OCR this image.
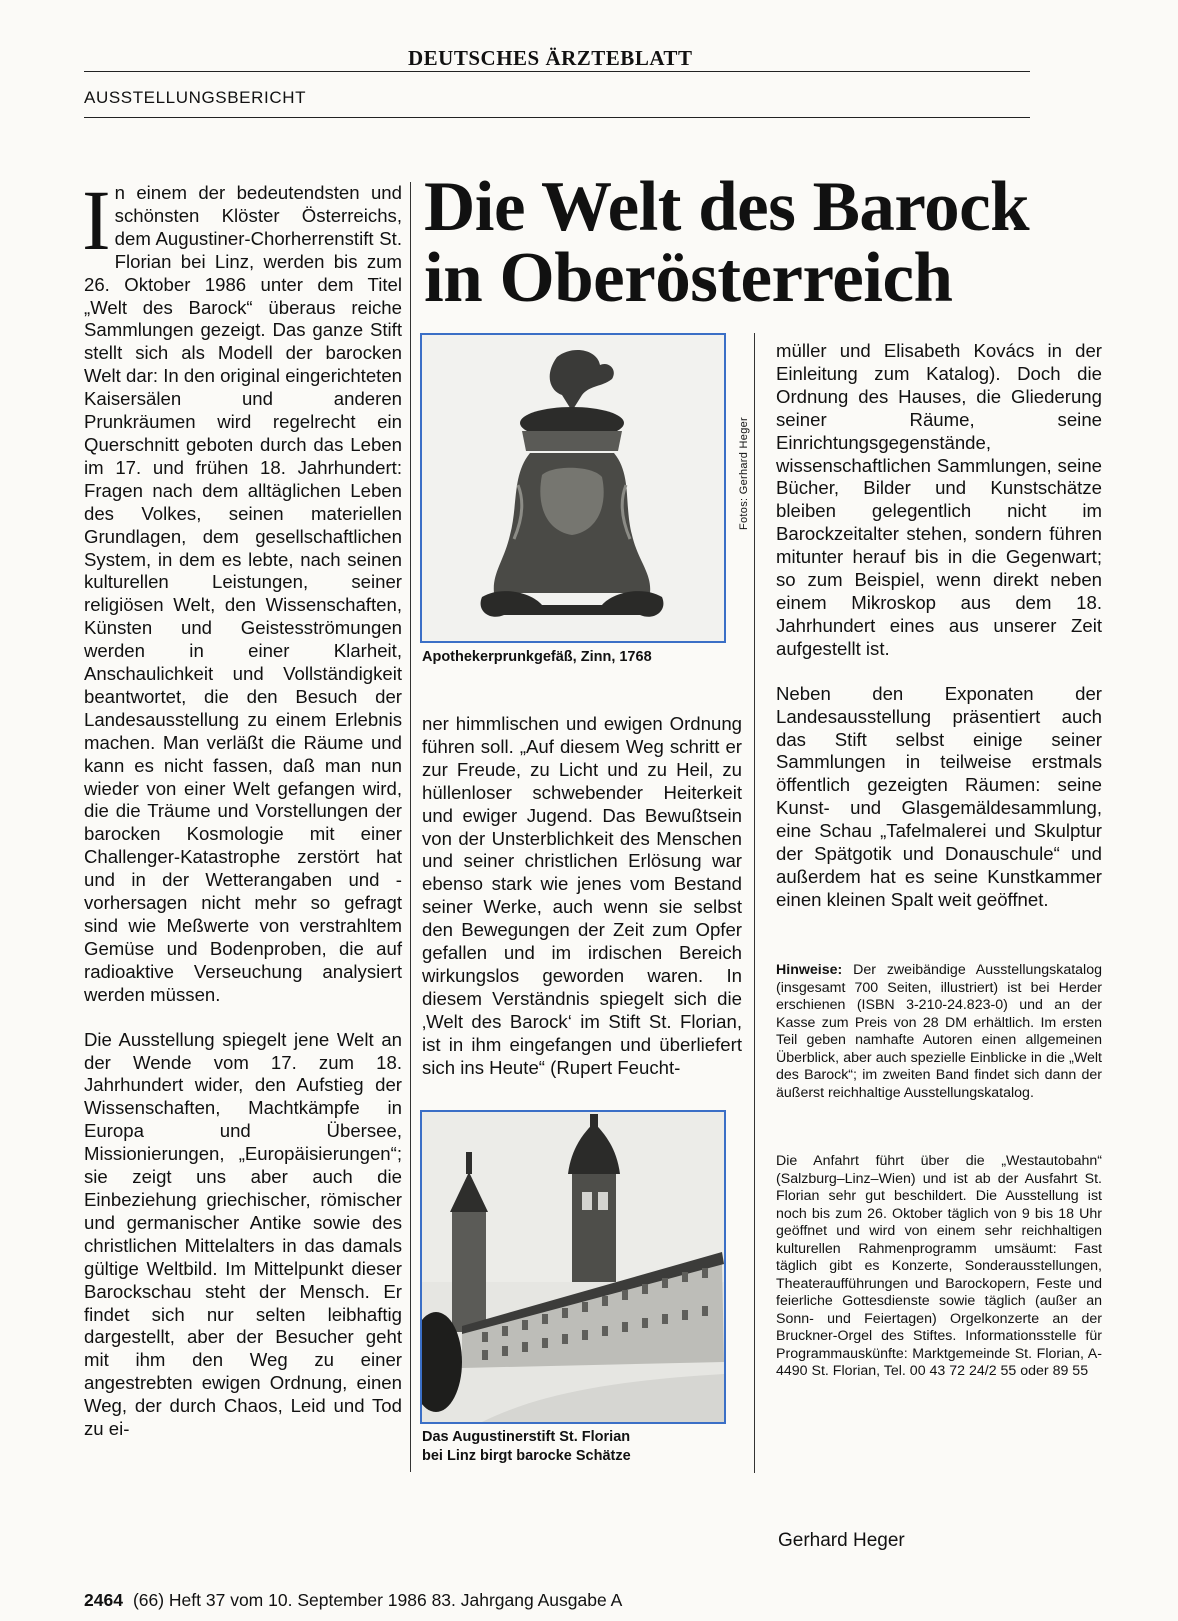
DEUTSCHES ÄRZTEBLATT
AUSSTELLUNGSBERICHT

In einem der bedeutendsten und schönsten Klöster Österreichs, dem Augustiner-Chorherrenstift St. Florian bei Linz, werden bis zum 26. Oktober 1986 unter dem Titel „Welt des Barock“ überaus reiche Sammlungen gezeigt. Das ganze Stift stellt sich als Modell der barocken Welt dar: In den original eingerichteten Kaisersälen und anderen Prunkräumen wird regelrecht ein Querschnitt geboten durch das Leben im 17. und frühen 18. Jahrhundert: Fragen nach dem alltäglichen Leben des Volkes, seinen materiellen Grundlagen, dem gesellschaftlichen System, in dem es lebte, nach seinen kulturellen Leistungen, seiner religiösen Welt, den Wissenschaften, Künsten und Geistesströmungen werden in einer Klarheit, Anschaulichkeit und Vollständigkeit beantwortet, die den Besuch der Landesausstellung zu einem Erlebnis machen. Man verläßt die Räume und kann es nicht fassen, daß man nun wieder von einer Welt gefangen wird, die die Träume und Vorstellungen der barocken Kosmologie mit einer Challenger-Katastrophe zerstört hat und in der Wetterangaben und -vorhersagen nicht mehr so gefragt sind wie Meßwerte von verstrahltem Gemüse und Bodenproben, die auf radioaktive Verseuchung analysiert werden müssen.

Die Ausstellung spiegelt jene Welt an der Wende vom 17. zum 18. Jahrhundert wider, den Aufstieg der Wissenschaften, Machtkämpfe in Europa und Übersee, Missionierungen, „Europäisierungen“; sie zeigt uns aber auch die Einbeziehung griechischer, römischer und germanischer Antike sowie des christlichen Mittelalters in das damals gültige Weltbild. Im Mittelpunkt dieser Barockschau steht der Mensch. Er findet sich nur selten leibhaftig dargestellt, aber der Besucher geht mit ihm den Weg zu einer angestrebten ewigen Ordnung, einen Weg, der durch Chaos, Leid und Tod zu ei-

Die Welt des Barock
in Oberösterreich
Apothekerprunkgefäß, Zinn, 1768
Fotos: Gerhard Heger

ner himmlischen und ewigen Ordnung führen soll. „Auf diesem Weg schritt er zur Freude, zu Licht und zu Heil, zu hüllenloser schwebender Heiterkeit und ewiger Jugend. Das Bewußtsein von der Unsterblichkeit des Menschen und seiner christlichen Erlösung war ebenso stark wie jenes vom Bestand seiner Werke, auch wenn sie selbst den Bewegungen der Zeit zum Opfer gefallen und im irdischen Bereich wirkungslos geworden waren. In diesem Verständnis spiegelt sich die ‚Welt des Barock‘ im Stift St. Florian, ist in ihm eingefangen und überliefert sich ins Heute“ (Rupert Feucht-

Das Augustinerstift St. Florian
bei Linz birgt barocke Schätze

müller und Elisabeth Kovács in der Einleitung zum Katalog). Doch die Ordnung des Hauses, die Gliederung seiner Räume, seine Einrichtungsgegenstände, wissenschaftlichen Sammlungen, seine Bücher, Bilder und Kunstschätze bleiben gelegentlich nicht im Barockzeitalter stehen, sondern führen mitunter herauf bis in die Gegenwart; so zum Beispiel, wenn direkt neben einem Mikroskop aus dem 18. Jahrhundert eines aus unserer Zeit aufgestellt ist.

Neben den Exponaten der Landesausstellung präsentiert auch das Stift selbst einige seiner Sammlungen in teilweise erstmals öffentlich gezeigten Räumen: seine Kunst- und Glasgemäldesammlung, eine Schau „Tafelmalerei und Skulptur der Spätgotik und Donauschule“ und außerdem hat es seine Kunstkammer einen kleinen Spalt weit geöffnet.

Hinweise: Der zweibändige Ausstellungskatalog (insgesamt 700 Seiten, illustriert) ist bei Herder erschienen (ISBN 3-210-24.823-0) und an der Kasse zum Preis von 28 DM erhältlich. Im ersten Teil geben namhafte Autoren einen allgemeinen Überblick, aber auch spezielle Einblicke in die „Welt des Barock“; im zweiten Band findet sich dann der äußerst reichhaltige Ausstellungskatalog.

Die Anfahrt führt über die „Westautobahn“ (Salzburg–Linz–Wien) und ist ab der Ausfahrt St. Florian sehr gut beschildert. Die Ausstellung ist noch bis zum 26. Oktober täglich von 9 bis 18 Uhr geöffnet und wird von einem sehr reichhaltigen kulturellen Rahmenprogramm umsäumt: Fast täglich gibt es Konzerte, Sonderausstellungen, Theateraufführungen und Barockopern, Feste und feierliche Gottesdienste sowie täglich (außer an Sonn- und Feiertagen) Orgelkonzerte an der Bruckner-Orgel des Stiftes. Informationsstelle für Programmauskünfte: Marktgemeinde St. Florian, A-4490 St. Florian, Tel. 00 43 72 24/2 55 oder 89 55

Gerhard Heger
2464 (66) Heft 37 vom 10. September 1986 83. Jahrgang Ausgabe A
